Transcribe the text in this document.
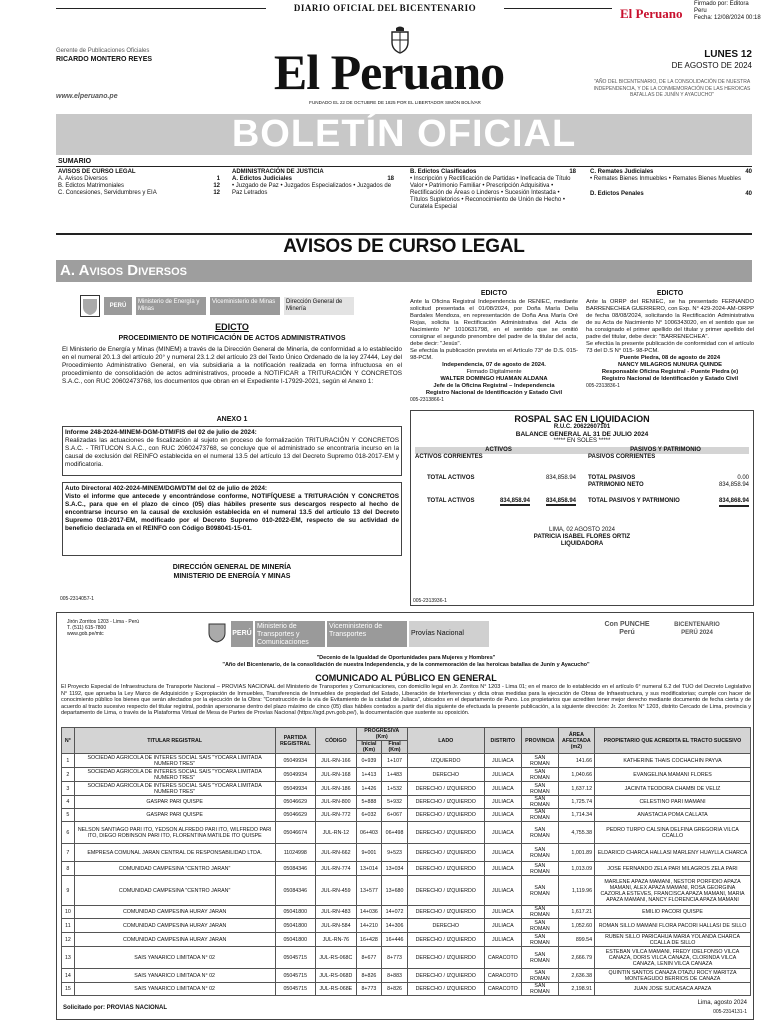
DIARIO OFICIAL DEL BICENTENARIO	El Peruano
Firmado por: Editora
Peru
Fecha: 12/08/2024 00:18
Gerente de Publicaciones Oficiales
RICARDO MONTERO REYES
www.elperuano.pe	El Peruano
FUNDADO EL 22 DE OCTUBRE DE 1825 POR EL LIBERTADOR SIMÓN BOLÍVAR
LUNES 12
DE AGOSTO DE 2024
"AÑO DEL BICENTENARIO, DE LA CONSOLIDACIÓN DE NUESTRA INDEPENDENCIA, Y DE LA CONMEMORACIÓN DE LAS HEROICAS BATALLAS DE JUNÍN Y AYACUCHO"
BOLETÍN OFICIAL
SUMARIO
AVISOS DE CURSO LEGAL
A. Avisos Diversos	1
B. Edictos Matrimoniales	12
C. Concesiones, Servidumbres y EIA	12
ADMINISTRACIÓN DE JUSTICIA
A. Edictos Judiciales	18
• Juzgado de Paz • Juzgados Especializados • Juzgados de Paz Letrados
B. Edictos Clasificados	18
• Inscripción y Rectificación de Partidas • Ineficacia de Título Valor • Patrimonio Familiar • Prescripción Adquisitiva • Rectificación de Áreas o Linderos • Sucesión Intestada • Títulos Supletorios • Reconocimiento de Unión de Hecho • Curatela Especial
C. Remates Judiciales	40
• Remates Bienes Inmuebles • Remates Bienes Muebles
D. Edictos Penales	40
AVISOS DE CURSO LEGAL
A. Avisos Diversos
PERÚ
Ministerio de Energía y Minas
Viceministerio de Minas	Dirección General de Minería
EDICTO
PROCEDIMIENTO DE NOTIFICACIÓN DE ACTOS ADMINISTRATIVOS
El Ministerio de Energía y Minas (MINEM) a través de la Dirección General de Minería, de conformidad a lo establecido en el numeral 20.1.3 del artículo 20° y numeral 23.1.2 del artículo 23 del Texto Único Ordenado de la ley 27444, Ley del Procedimiento Administrativo General, en vía subsidiaria a la notificación realizada en forma infructuosa en el procedimiento de consolidación de actos administrativos, procede a NOTIFICAR a TRITURACIÓN Y CONCRETOS S.A.C., con RUC 20602473768, los documentos que obran en el Expediente I-17929-2021, según el Anexo 1:
ANEXO 1
Informe 248-2024-MINEM-DGM-DTM/FIS del 02 de julio de 2024:
Realizadas las actuaciones de fiscalización al sujeto en proceso de formalización TRITURACIÓN Y CONCRETOS S.A.C. - TRITUCON S.A.C., con RUC 20602473768, se concluye que el administrado se encontraría incurso en la causal de exclusión del REINFO establecida en el numeral 13.5 del artículo 13 del Decreto Supremo 018-2017-EM y modificatoria.
Auto Directoral 402-2024-MINEM/DGM/DTM del 02 de julio de 2024:
Visto el informe que antecede y encontrándose conforme, NOTIFÍQUESE a TRITURACIÓN Y CONCRETOS S.A.C., para que en el plazo de cinco (05) días hábiles presente sus descargos respecto al hecho de encontrarse incurso en la causal de exclusión establecida en el numeral 13.5 del artículo 13 del Decreto Supremo 018-2017-EM, modificado por el Decreto Supremo 010-2022-EM, respecto de su actividad de beneficio declarada en el REINFO con Código B098041-15-01.
DIRECCIÓN GENERAL DE MINERÍA
MINISTERIO DE ENERGÍA Y MINAS
005-2314057-1
EDICTO
Ante la Oficina Registral Independencia de RENIEC, mediante solicitud presentada el 01/08/2024, por Doña María Delia Bardales Mendoza, en representación de Doña Ana María Oré Rojas, solicita la Rectificación Administrativa del Acta de Nacimiento N° 1010631798, en el sentido que se omitió consignar el segundo prenombre del padre de la titular del acta, debe decir: "Jesús".
Se efectúa la publicación prevista en el Artículo 73° de D.S. 015-98-PCM.
Independencia, 07 de agosto de 2024.
Firmado Digitalmente
WALTER DOMINGO HUAMAN ALDANA
Jefe de la Oficina Registral – Independencia
Registro Nacional de Identificación y Estado Civil
005-2313866-1
EDICTO
Ante la ORRP del RENIEC, se ha presentado FERNANDO BARRENECHEA GUERRERO, con Exp. N° 429-2024-AM-ORPP de fecha 08/08/2024, solicitando la Rectificación Administrativa de su Acta de Nacimiento N° 1006343020, en el sentido que se ha consignado el primer apellido del titular y primer apellido del padre del titular, debe decir: "BARRENECHEA".
Se efectúa la presente publicación de conformidad con el artículo 73 del D.S N° 015- 98-PCM.
Puente Piedra, 08 de agosto de 2024
NANCY MILAGROS NUNURA QUINDE
Responsable Oficina Registral - Puente Piedra (e)
Registro Nacional de Identificación y Estado Civil
005-2313836-1
ROSPAL SAC EN LIQUIDACION
R.U.C. 20622607101
BALANCE GENERAL AL 31 DE JULIO 2024
***** EN SOLES *****
ACTIVOS	PASIVOS Y PATRIMONIO
ACTIVOS CORRIENTES
TOTAL ACTIVOS	834,858.94
TOTAL ACTIVOS	834,858.94	834,858.94
PASIVOS CORRIENTES
TOTAL PASIVOS	0.00
PATRIMONIO NETO	834,858.94
TOTAL PASIVOS Y PATRIMONIO	834,868.94
LIMA, 02 AGOSTO 2024
PATRICIA ISABEL FLORES ORTIZ
LIQUIDADORA
005-2313936-1
Jirón Zorritos 1203 - Lima - Perú
T. (511) 615-7800
www.gob.pe/mtc	PERÚ
Ministerio de Transportes y Comunicaciones
Viceministerio de Transportes	Provías Nacional
Con PUNCHE Perú
BICENTENARIO PERÚ 2024
"Decenio de la Igualdad de Oportunidades para Mujeres y Hombres"
"Año del Bicentenario, de la consolidación de nuestra Independencia, y de la conmemoración de las heroicas batallas de Junín y Ayacucho"
COMUNICADO AL PÚBLICO EN GENERAL
El Proyecto Especial de Infraestructura de Transporte Nacional – PROVIAS NACIONAL del Ministerio de Transportes y Comunicaciones, con domicilio legal en Jr. Zorritos N° 1203 - Lima 01; en el marco de lo establecido en el artículo 6° numeral 6.2 del TUO del Decreto Legislativo N° 1192, que aprueba la Ley Marco de Adquisición y Expropiación de Inmuebles, Transferencia de Inmuebles de propiedad del Estado, Liberación de Interferencias y dicta otras medidas para la ejecución de Obras de Infraestructura, y sus modificatorias; cumple con hacer de conocimiento público los bienes que serán afectados por la ejecución de la Obra: "Construcción de la vía de Evitamiento de la ciudad de Juliaca", ubicados en el departamento de Puno. Los propietarios que acrediten tener mejor derecho mediante documento de fecha cierta y de acuerdo al tracto sucesivo respecto del titular registral, podrán apersonarse dentro del plazo máximo de cinco (05) días hábiles contados a partir del día siguiente de efectuada la presente publicación, a la siguiente dirección: Jr. Zorritos N° 1203, distrito Cercado de Lima, provincia y departamento de Lima, o través de la Plataforma Virtual de Mesa de Partes de Provías Nacional (https://sgd.pvn.gob.pe/), la documentación que sustente su oposición.
N°	TITULAR REGISTRAL	PARTIDA REGISTRAL	CÓDIGO	PROGRESIVA (Km)		LADO	DISTRITO	PROVINCIA	ÁREA AFECTADA (m2)	PROPIETARIO QUE ACREDITA EL TRACTO SUCESIVO
				Inicial (Km)	Final (Km)					
1	SOCIEDAD AGRICOLA DE INTERES SOCIAL SAIS "YOCARA LIMITADA NUMERO TRES"	05049934	JUL-RN-166	0+939	1+107	IZQUIERDO	JULIACA	SAN ROMAN	141.66	KATHERINE THAIS COCHACHIN PAYVA
2	SOCIEDAD AGRICOLA DE INTERES SOCIAL SAIS "YOCARA LIMITADA NUMERO TRES"	05049934	JUL-RN-168	1+413	1+483	DERECHO	JULIACA	SAN ROMAN	1,040.66	EVANGELINA MAMANI FLORES
3	SOCIEDAD AGRICOLA DE INTERES SOCIAL SAIS "YOCARA LIMITADA NUMERO TRES"	05049934	JUL-RN-186	1+426	1+532	DERECHO / IZQUIERDO	JULIACA	SAN ROMAN	1,637.12	JACINTA TEODORA CHAMBI DE VELIZ
4	GASPAR PARI QUISPE	05046629	JUL-RN-800	5+888	5+932	DERECHO / IZQUIERDO	JULIACA	SAN ROMAN	1,725.74	CELESTINO PARI MAMANI
5	GASPAR PARI QUISPE	05046629	JUL-RN-772	6+032	6+067	DERECHO / IZQUIERDO	JULIACA	SAN ROMAN	1,714.34	ANASTACIA POMA CALLATA
6	NELSON SANTIAGO PARI ITO, YEDSON ALFREDO PARI ITO, WILFREDO PARI ITO, DIEGO ROBINSON PARI ITO, FLORENTINA MATILDE ITO QUISPE	05046674	JUL-RN-12	06+403	06+498	DERECHO / IZQUIERDO	JULIACA	SAN ROMAN	4,755.38	PEDRO TURPO CALSINA DELFINA GREGORIA VILCA CCALLO
7	EMPRESA COMUNAL JARAN CENTRAL DE RESPONSABILIDAD LTDA.	11024998	JUL-RN-662	9+001	9+523	DERECHO / IZQUIERDO	JULIACA	SAN ROMAN	1,001.89	ELDARICO CHARCA HALLASI MARLENY HUAYLLA CHARCA
8	COMUNIDAD CAMPESINA "CENTRO JARAN"	05084346	JUL-RN-774	13+014	13+034	DERECHO / IZQUIERDO	JULIACA	SAN ROMAN	1,013.09	JOSE FERNANDO ZELA PARI MILAGROS ZELA PARI
9	COMUNIDAD CAMPESINA "CENTRO JARAN"	05084346	JUL-RN-459	13+577	13+680	DERECHO / IZQUIERDO	JULIACA	SAN ROMAN	1,119.96	MARLENE APAZA MAMANI, NESTOR PORFIDIO APAZA MAMANI, ALEX APAZA MAMANI, ROSA GEORGINA CAZORLA ESTEVES, FRANCISCA APAZA MAMANI, MARIA APAZA MAMANI, NANCY FLORENCIA APAZA MAMANI
10	COMUNIDAD CAMPESINA HURAY JARAN	05041800	JUL-RN-483	14+036	14+072	DERECHO / IZQUIERDO	JULIACA	SAN ROMAN	1,617.21	EMILIO PACORI QUISPE
11	COMUNIDAD CAMPESINA HURAY JARAN	05041800	JUL-RN-584	14+210	14+306	DERECHO	JULIACA	SAN ROMAN	1,052.60	ROMAN SILLO MAMANI FLORA PACORI HALLASI DE SILLO
12	COMUNIDAD CAMPESINA HURAY JARAN	05041800	JUL-RN-76	16+428	16+446	DERECHO / IZQUIERDO	JULIACA	SAN ROMAN	899.54	RUBEN SILLO PARICAHUA MARIA YOLANDA CHARCA CCALLA DE SILLO
13	SAIS YANARICO LIMITADA N° 02	05045715	JUL-RS-068C	8+677	8+773	DERECHO / IZQUIERDO	CARACOTO	SAN ROMAN	2,666.79	ESTEBAN VILCA MAMANI, FREDY IDELFONSO VILCA CANAZA, DORIS VILCA CANAZA, CLORINDA VILCA CANAZA, LENIN VILCA CANAZA
14	SAIS YANARICO LIMITADA N° 02	05045715	JUL-RS-068D	8+826	8+883	DERECHO / IZQUIERDO	CARACOTO	SAN ROMAN	2,636.38	QUINTIN SANTOS CANAZA OTAZU ROCY MARITZA MONTEAGUDO BERRIOS DE CANAZA
15	SAIS YANARICO LIMITADA N° 02	05045715	JUL-RS-068E	8+773	8+826	DERECHO / IZQUIERDO	CARACOTO	SAN ROMAN	2,198.91	JUAN JOSE SUCASACA APAZA
Solicitado por: PROVIAS NACIONAL
Lima, agosto 2024
005-2314131-1
